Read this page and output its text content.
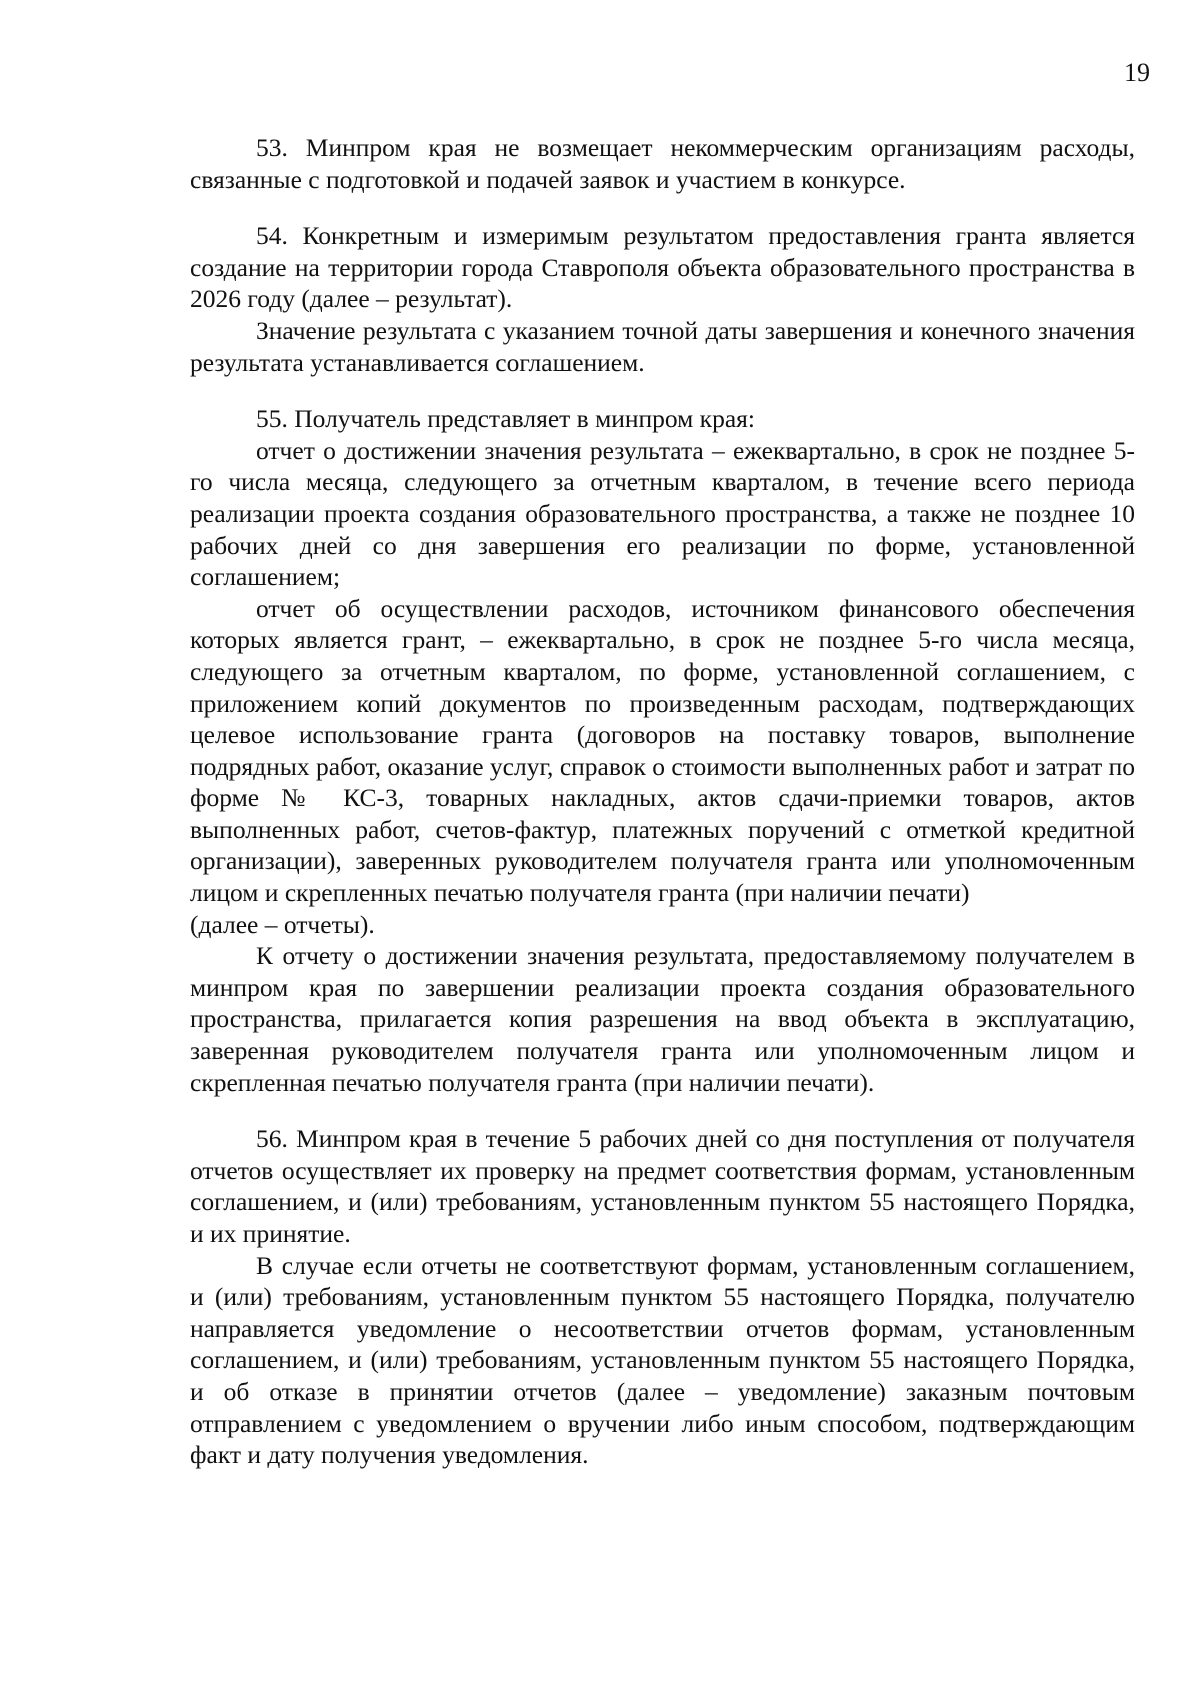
19

53. Минпром края не возмещает некоммерческим организациям расходы, связанные с подготовкой и подачей заявок и участием в конкурсе.

54. Конкретным и измеримым результатом предоставления гранта является создание на территории города Ставрополя объекта образовательного пространства в 2026 году (далее – результат).

Значение результата с указанием точной даты завершения и конечного значения результата устанавливается соглашением.

55. Получатель представляет в минпром края:

отчет о достижении значения результата – ежеквартально, в срок не позднее 5-го числа месяца, следующего за отчетным кварталом, в течение всего периода реализации проекта создания образовательного пространства, а также не позднее 10 рабочих дней со дня завершения его реализации по форме, установленной соглашением;

отчет об осуществлении расходов, источником финансового обеспечения которых является грант, – ежеквартально, в срок не позднее 5-го числа месяца, следующего за отчетным кварталом, по форме, установленной соглашением, с приложением копий документов по произведенным расходам, подтверждающих целевое использование гранта (договоров на поставку товаров, выполнение подрядных работ, оказание услуг, справок о стоимости выполненных работ и затрат по форме № КС-3, товарных накладных, актов сдачи-приемки товаров, актов выполненных работ, счетов-фактур, платежных поручений с отметкой кредитной организации), заверенных руководителем получателя гранта или уполномоченным лицом и скрепленных печатью получателя гранта (при наличии печати)

(далее – отчеты).

К отчету о достижении значения результата, предоставляемому получателем в минпром края по завершении реализации проекта создания образовательного пространства, прилагается копия разрешения на ввод объекта в эксплуатацию, заверенная руководителем получателя гранта или уполномоченным лицом и скрепленная печатью получателя гранта (при наличии печати).

56. Минпром края в течение 5 рабочих дней со дня поступления от получателя отчетов осуществляет их проверку на предмет соответствия формам, установленным соглашением, и (или) требованиям, установленным пунктом 55 настоящего Порядка, и их принятие.

В случае если отчеты не соответствуют формам, установленным соглашением, и (или) требованиям, установленным пунктом 55 настоящего Порядка, получателю направляется уведомление о несоответствии отчетов формам, установленным соглашением, и (или) требованиям, установленным пунктом 55 настоящего Порядка, и об отказе в принятии отчетов (далее – уведомление) заказным почтовым отправлением с уведомлением о вручении либо иным способом, подтверждающим факт и дату получения уведомления.
